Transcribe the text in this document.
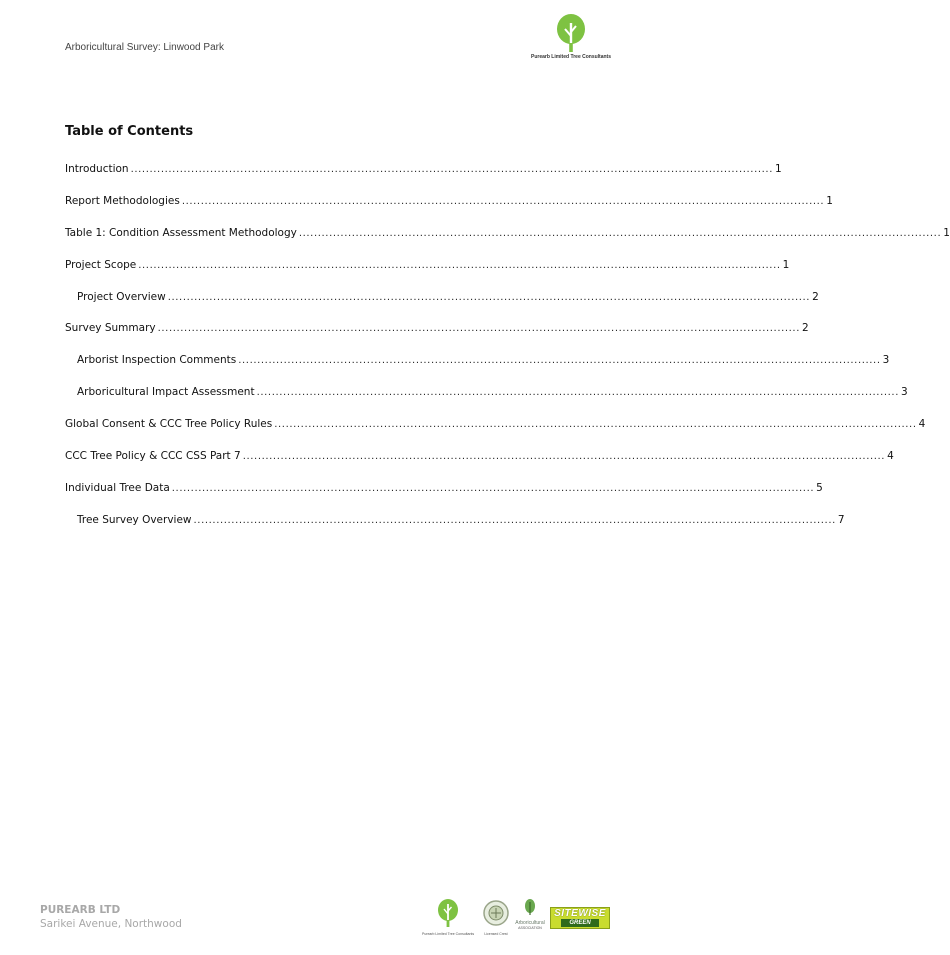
Arboricultural Survey: Linwood Park
Purearb Limited Tree Consultants
Table of Contents
Introduction .......................................................................................................................................................................... 1
Report Methodologies .......................................................................................................................................................................... 1
Table 1: Condition Assessment Methodology .......................................................................................................................................................................... 1
Project Scope .......................................................................................................................................................................... 1
Project Overview .......................................................................................................................................................................... 2
Survey Summary .......................................................................................................................................................................... 2
Arborist Inspection Comments .......................................................................................................................................................................... 3
Arboricultural Impact Assessment .......................................................................................................................................................................... 3
Global Consent & CCC Tree Policy Rules .......................................................................................................................................................................... 4
CCC Tree Policy & CCC CSS Part 7 .......................................................................................................................................................................... 4
Individual Tree Data .......................................................................................................................................................................... 5
Tree Survey Overview .......................................................................................................................................................................... 7
PUREARB LTD
Sarikei Avenue, Northwood
Purearb Limited Tree Consultants	Licensed Crest
Arboricultural
ASSOCIATION
SITEWISE
GREEN
